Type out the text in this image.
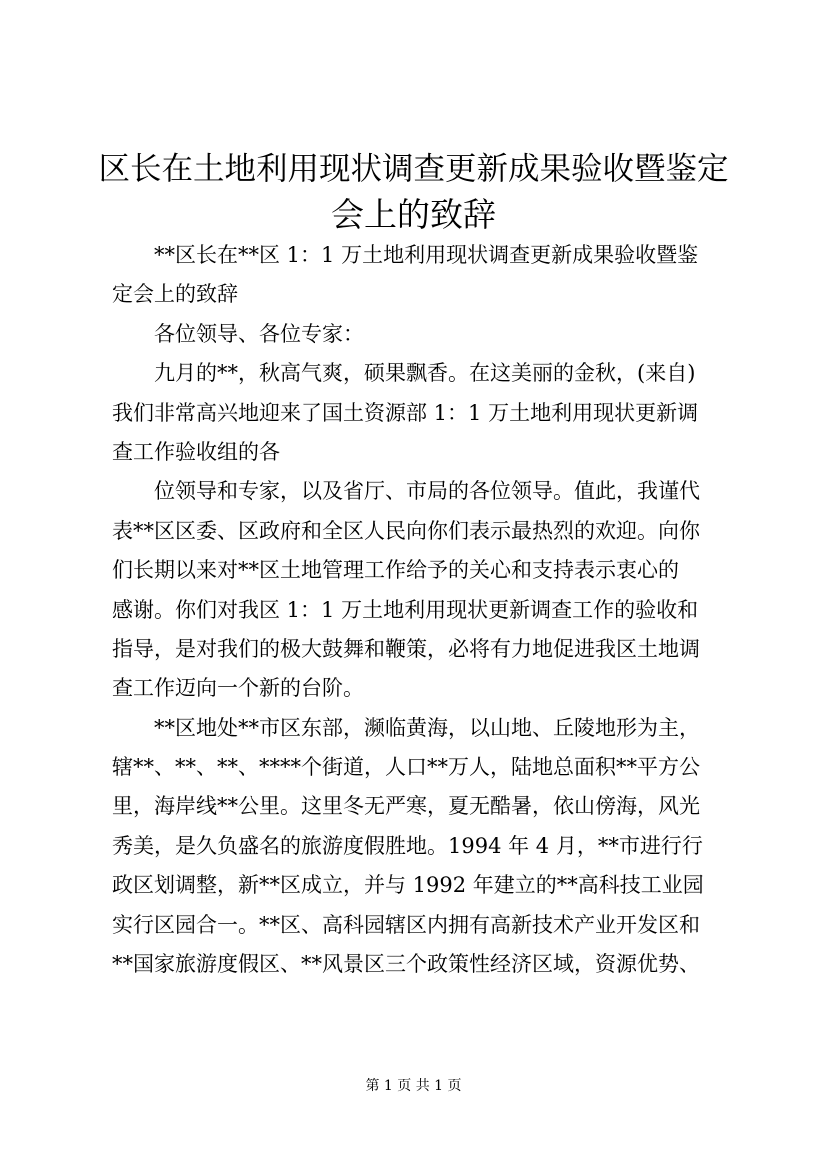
区长在土地利用现状调查更新成果验收暨鉴定
会上的致辞
**区长在**区 1：1 万土地利用现状调查更新成果验收暨鉴
定会上的致辞
各位领导、各位专家：
九月的**，秋高气爽，硕果飘香。在这美丽的金秋，(来自)
我们非常高兴地迎来了国土资源部 1：1 万土地利用现状更新调
查工作验收组的各
位领导和专家，以及省厅、市局的各位领导。值此，我谨代
表**区区委、区政府和全区人民向你们表示最热烈的欢迎。向你
们长期以来对**区土地管理工作给予的关心和支持表示衷心的
感谢。你们对我区 1：1 万土地利用现状更新调查工作的验收和
指导，是对我们的极大鼓舞和鞭策，必将有力地促进我区土地调
查工作迈向一个新的台阶。
**区地处**市区东部，濒临黄海，以山地、丘陵地形为主，
辖**、**、**、****个街道，人口**万人，陆地总面积**平方公
里，海岸线**公里。这里冬无严寒，夏无酷暑，依山傍海，风光
秀美，是久负盛名的旅游度假胜地。1994 年 4 月，**市进行行
政区划调整，新**区成立，并与 1992 年建立的**高科技工业园
实行区园合一。**区、高科园辖区内拥有高新技术产业开发区和
**国家旅游度假区、**风景区三个政策性经济区域，资源优势、
第 1 页 共 1 页
